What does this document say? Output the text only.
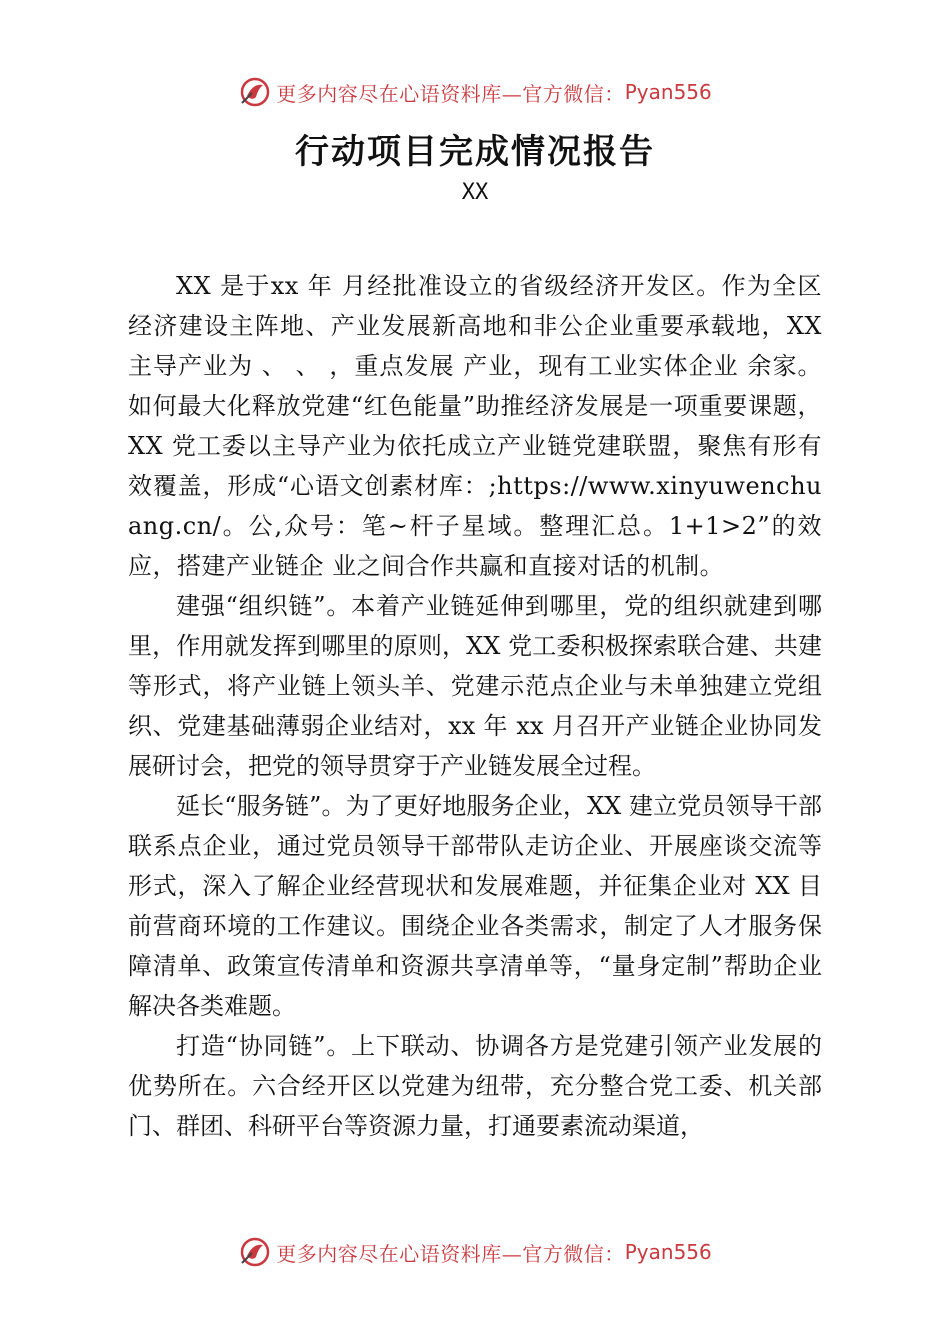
更多内容尽在心语资料库—官方微信： Pyan556
行动项目完成情况报告
XX

XX 是于xx 年 月经批准设立的省级经济开发区。作为全区经济建设主阵地、产业发展新高地和非公企业重要承载地，XX 主导产业为 、 、 ，重点发展 产业，现有工业实体企业 余家。如何最大化释放党建“红色能量”助推经济发展是一项重要课题，XX 党工委以主导产业为依托成立产业链党建联盟，聚焦有形有效覆盖，形成“心语文创素材库：;https://www.xinyuwenchuang.cn/。公,众号：笔~杆子星域。整理汇总。1+1>2”的效应，搭建产业链企 业之间合作共赢和直接对话的机制。

建强“组织链”。本着产业链延伸到哪里，党的组织就建到哪里，作用就发挥到哪里的原则，XX 党工委积极探索联合建、共建等形式，将产业链上领头羊、党建示范点企业与未单独建立党组织、党建基础薄弱企业结对，xx 年 xx 月召开产业链企业协同发展研讨会，把党的领导贯穿于产业链发展全过程。

延长“服务链”。为了更好地服务企业，XX 建立党员领导干部联系点企业，通过党员领导干部带队走访企业、开展座谈交流等形式，深入了解企业经营现状和发展难题，并征集企业对 XX 目前营商环境的工作建议。围绕企业各类需求，制定了人才服务保障清单、政策宣传清单和资源共享清单等，“量身定制”帮助企业解决各类难题。

打造“协同链”。上下联动、协调各方是党建引领产业发展的优势所在。六合经开区以党建为纽带，充分整合党工委、机关部门、群团、科研平台等资源力量，打通要素流动渠道，

更多内容尽在心语资料库—官方微信： Pyan556
